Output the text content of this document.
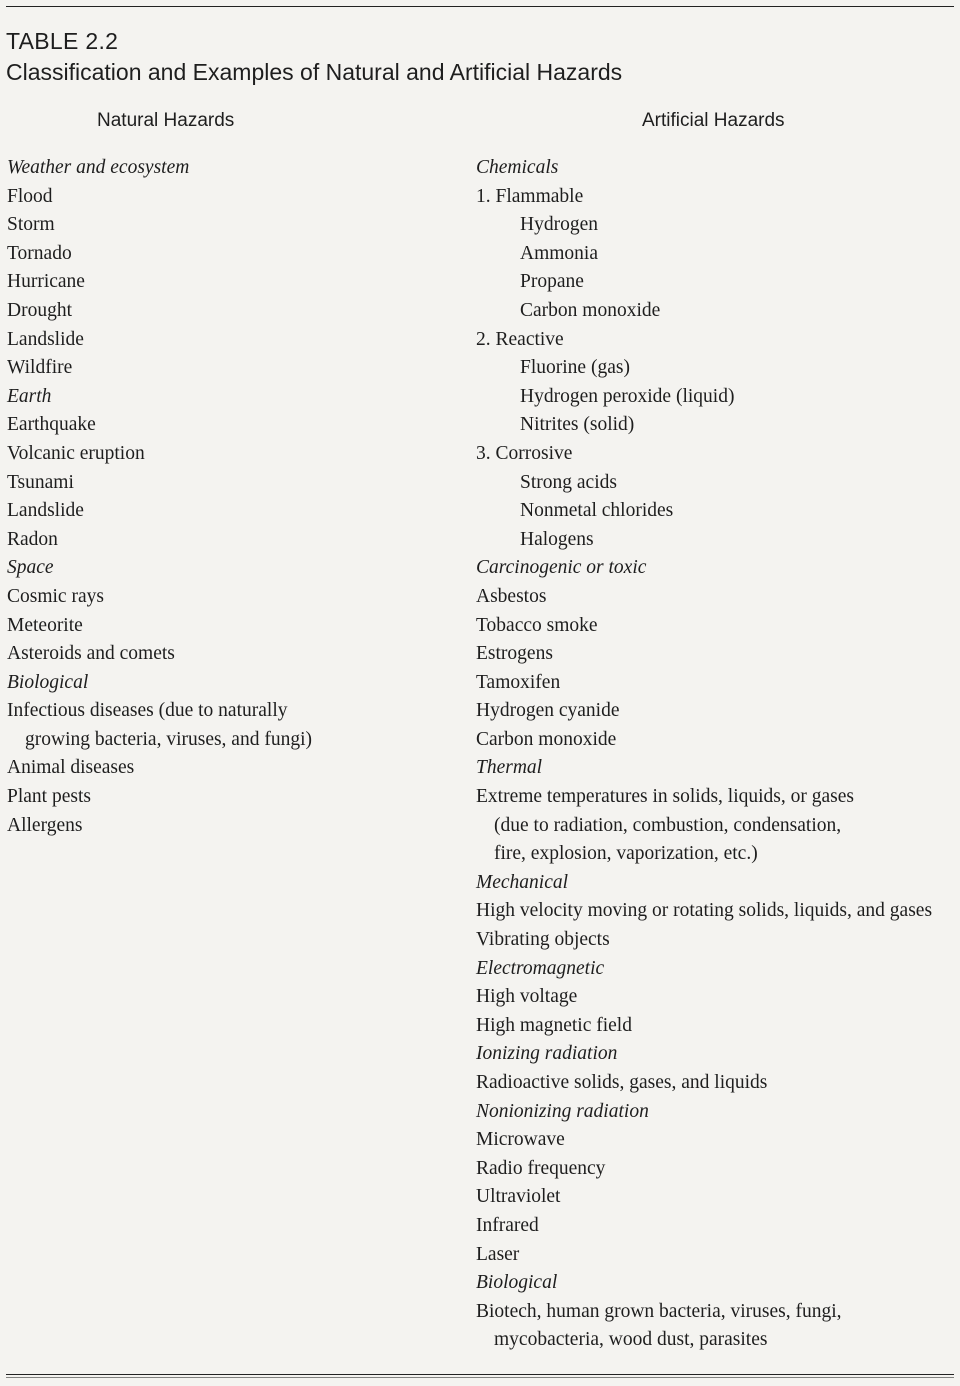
TABLE 2.2
Classification and Examples of Natural and Artificial Hazards
Natural Hazards	Artificial Hazards
Weather and ecosystem
Flood
Storm
Tornado
Hurricane
Drought
Landslide
Wildfire
Earth
Earthquake
Volcanic eruption
Tsunami
Landslide
Radon
Space
Cosmic rays
Meteorite
Asteroids and comets
Biological
Infectious diseases (due to naturally
growing bacteria, viruses, and fungi)
Animal diseases
Plant pests
Allergens
Chemicals
1. Flammable
Hydrogen
Ammonia
Propane
Carbon monoxide
2. Reactive
Fluorine (gas)
Hydrogen peroxide (liquid)
Nitrites (solid)
3. Corrosive
Strong acids
Nonmetal chlorides
Halogens
Carcinogenic or toxic
Asbestos
Tobacco smoke
Estrogens
Tamoxifen
Hydrogen cyanide
Carbon monoxide
Thermal
Extreme temperatures in solids, liquids, or gases
(due to radiation, combustion, condensation,
fire, explosion, vaporization, etc.)
Mechanical
High velocity moving or rotating solids, liquids, and gases
Vibrating objects
Electromagnetic
High voltage
High magnetic field
Ionizing radiation
Radioactive solids, gases, and liquids
Nonionizing radiation
Microwave
Radio frequency
Ultraviolet
Infrared
Laser
Biological
Biotech, human grown bacteria, viruses, fungi,
mycobacteria, wood dust, parasites
